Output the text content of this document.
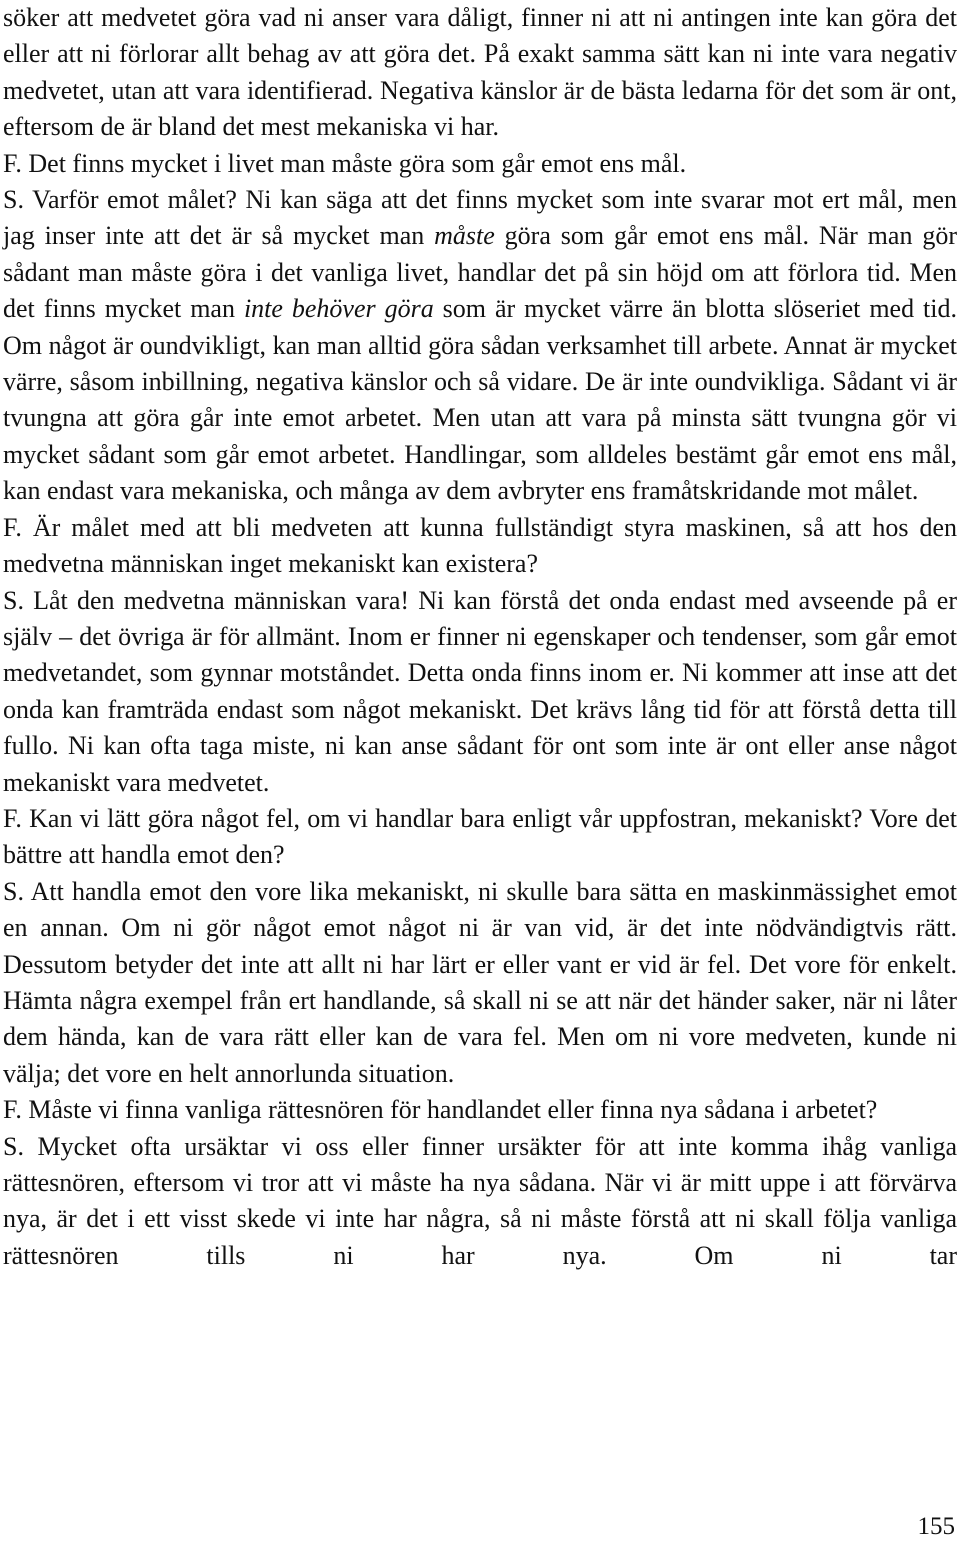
söker att medvetet göra vad ni anser vara dåligt, finner ni att ni antingen inte kan göra det eller att ni förlorar allt behag av att göra det. På exakt samma sätt kan ni inte vara negativ medvetet, utan att vara identifierad. Negativa känslor är de bästa ledarna för det som är ont, eftersom de är bland det mest mekaniska vi har.

F. Det finns mycket i livet man måste göra som går emot ens mål.

S. Varför emot målet? Ni kan säga att det finns mycket som inte svarar mot ert mål, men jag inser inte att det är så mycket man måste göra som går emot ens mål. När man gör sådant man måste göra i det vanliga livet, handlar det på sin höjd om att förlora tid. Men det finns mycket man inte behöver göra som är mycket värre än blotta slöseriet med tid. Om något är oundvikligt, kan man alltid göra sådan verksamhet till arbete. Annat är mycket värre, såsom inbillning, negativa känslor och så vidare. De är inte oundvikliga. Sådant vi är tvungna att göra går inte emot arbetet. Men utan att vara på minsta sätt tvungna gör vi mycket sådant som går emot arbetet. Handlingar, som alldeles bestämt går emot ens mål, kan endast vara mekaniska, och många av dem avbryter ens framåtskridande mot målet.

F. Är målet med att bli medveten att kunna fullständigt styra maskinen, så att hos den medvetna människan inget mekaniskt kan existera?

S. Låt den medvetna människan vara! Ni kan förstå det onda endast med avseende på er själv – det övriga är för allmänt. Inom er finner ni egenskaper och tendenser, som går emot medvetandet, som gynnar motståndet. Detta onda finns inom er. Ni kommer att inse att det onda kan framträda endast som något mekaniskt. Det krävs lång tid för att förstå detta till fullo. Ni kan ofta taga miste, ni kan anse sådant för ont som inte är ont eller anse något mekaniskt vara medvetet.

F. Kan vi lätt göra något fel, om vi handlar bara enligt vår uppfostran, mekaniskt? Vore det bättre att handla emot den?

S. Att handla emot den vore lika mekaniskt, ni skulle bara sätta en maskinmässighet emot en annan. Om ni gör något emot något ni är van vid, är det inte nödvändigtvis rätt. Dessutom betyder det inte att allt ni har lärt er eller vant er vid är fel. Det vore för enkelt. Hämta några exempel från ert handlande, så skall ni se att när det händer saker, när ni låter dem hända, kan de vara rätt eller kan de vara fel. Men om ni vore medveten, kunde ni välja; det vore en helt annorlunda situation.

F. Måste vi finna vanliga rättesnören för handlandet eller finna nya sådana i arbetet?

S. Mycket ofta ursäktar vi oss eller finner ursäkter för att inte komma ihåg vanliga rättesnören, eftersom vi tror att vi måste ha nya sådana. När vi är mitt uppe i att förvärva nya, är det i ett visst skede vi inte har några, så ni måste förstå att ni skall följa vanliga rättesnören tills ni har nya. Om ni tar

155
